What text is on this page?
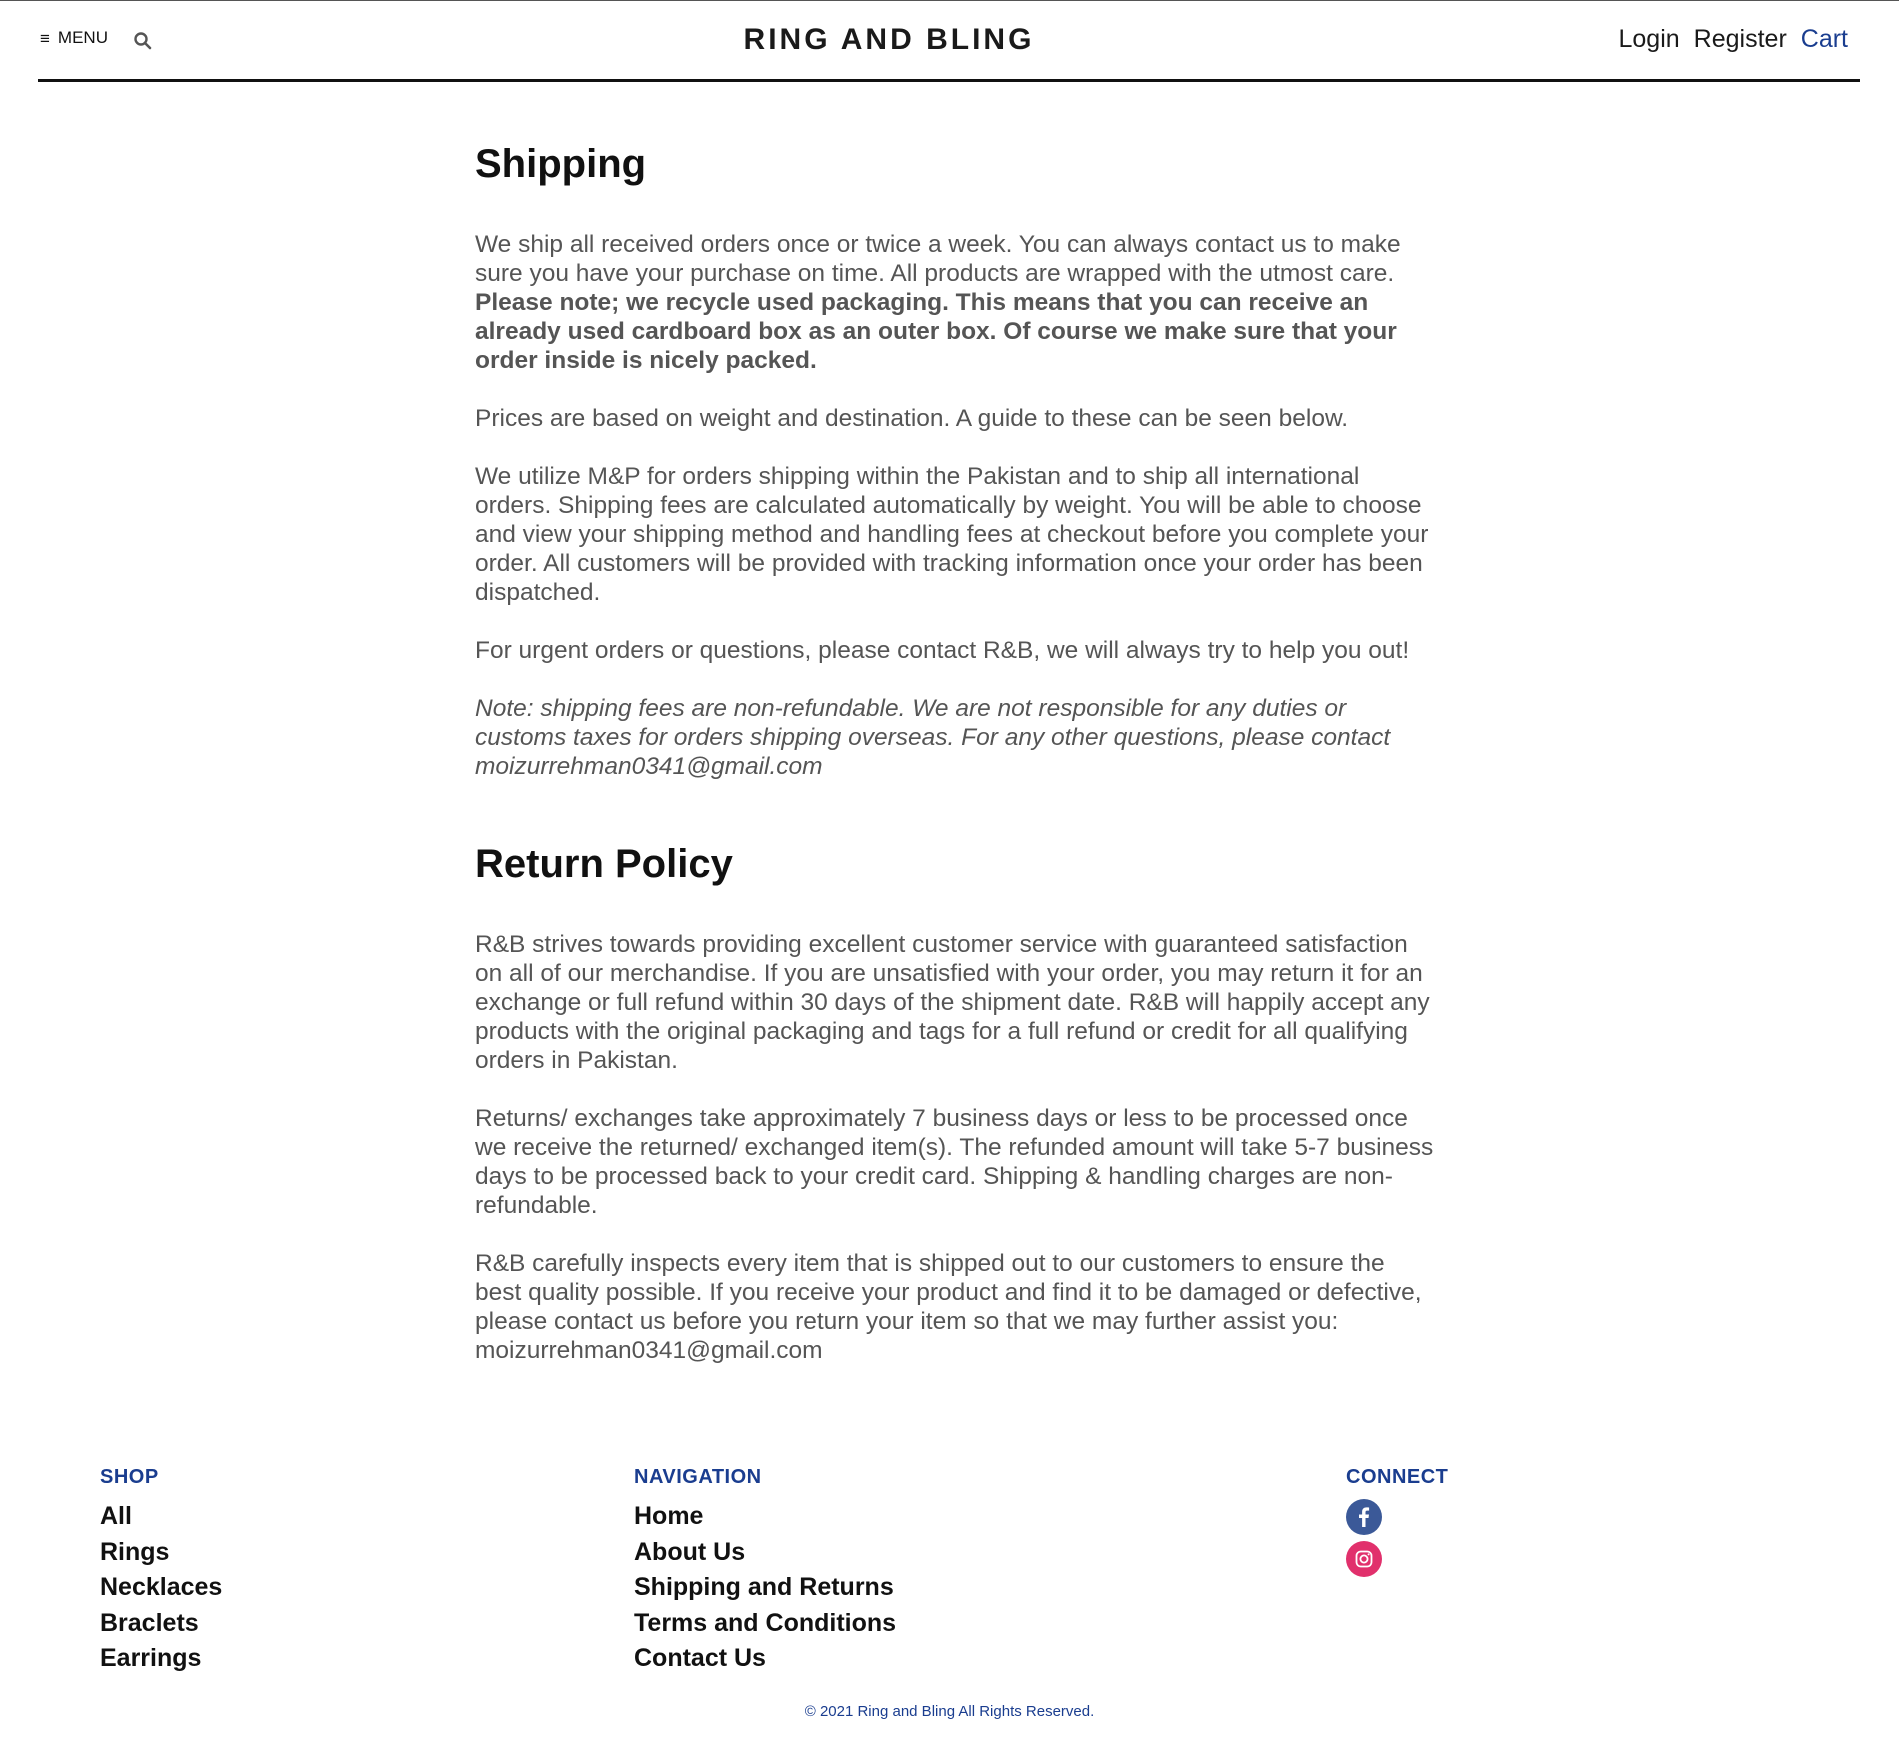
≡ MENU	RING AND BLING	Login Register Cart
Shipping

We ship all received orders once or twice a week. You can always contact us to make sure you have your purchase on time. All products are wrapped with the utmost care.

Please note; we recycle used packaging. This means that you can receive an already used cardboard box as an outer box. Of course we make sure that your order inside is nicely packed.

Prices are based on weight and destination. A guide to these can be seen below.

We utilize M&P for orders shipping within the Pakistan and to ship all international orders. Shipping fees are calculated automatically by weight. You will be able to choose and view your shipping method and handling fees at checkout before you complete your order. All customers will be provided with tracking information once your order has been dispatched.

For urgent orders or questions, please contact R&B, we will always try to help you out!

Note: shipping fees are non-refundable. We are not responsible for any duties or customs taxes for orders shipping overseas. For any other questions, please contact moizurrehman0341@gmail.com

Return Policy

R&B strives towards providing excellent customer service with guaranteed satisfaction on all of our merchandise. If you are unsatisfied with your order, you may return it for an exchange or full refund within 30 days of the shipment date. R&B will happily accept any products with the original packaging and tags for a full refund or credit for all qualifying orders in Pakistan.

Returns/ exchanges take approximately 7 business days or less to be processed once we receive the returned/ exchanged item(s). The refunded amount will take 5-7 business days to be processed back to your credit card. Shipping & handling charges are non-refundable.

R&B carefully inspects every item that is shipped out to our customers to ensure the best quality possible. If you receive your product and find it to be damaged or defective, please contact us before you return your item so that we may further assist you: moizurrehman0341@gmail.com

SHOP
All
Rings
Necklaces
Braclets
Earrings
NAVIGATION
Home
About Us
Shipping and Returns
Terms and Conditions
Contact Us
CONNECT
© 2021 Ring and Bling All Rights Reserved.
